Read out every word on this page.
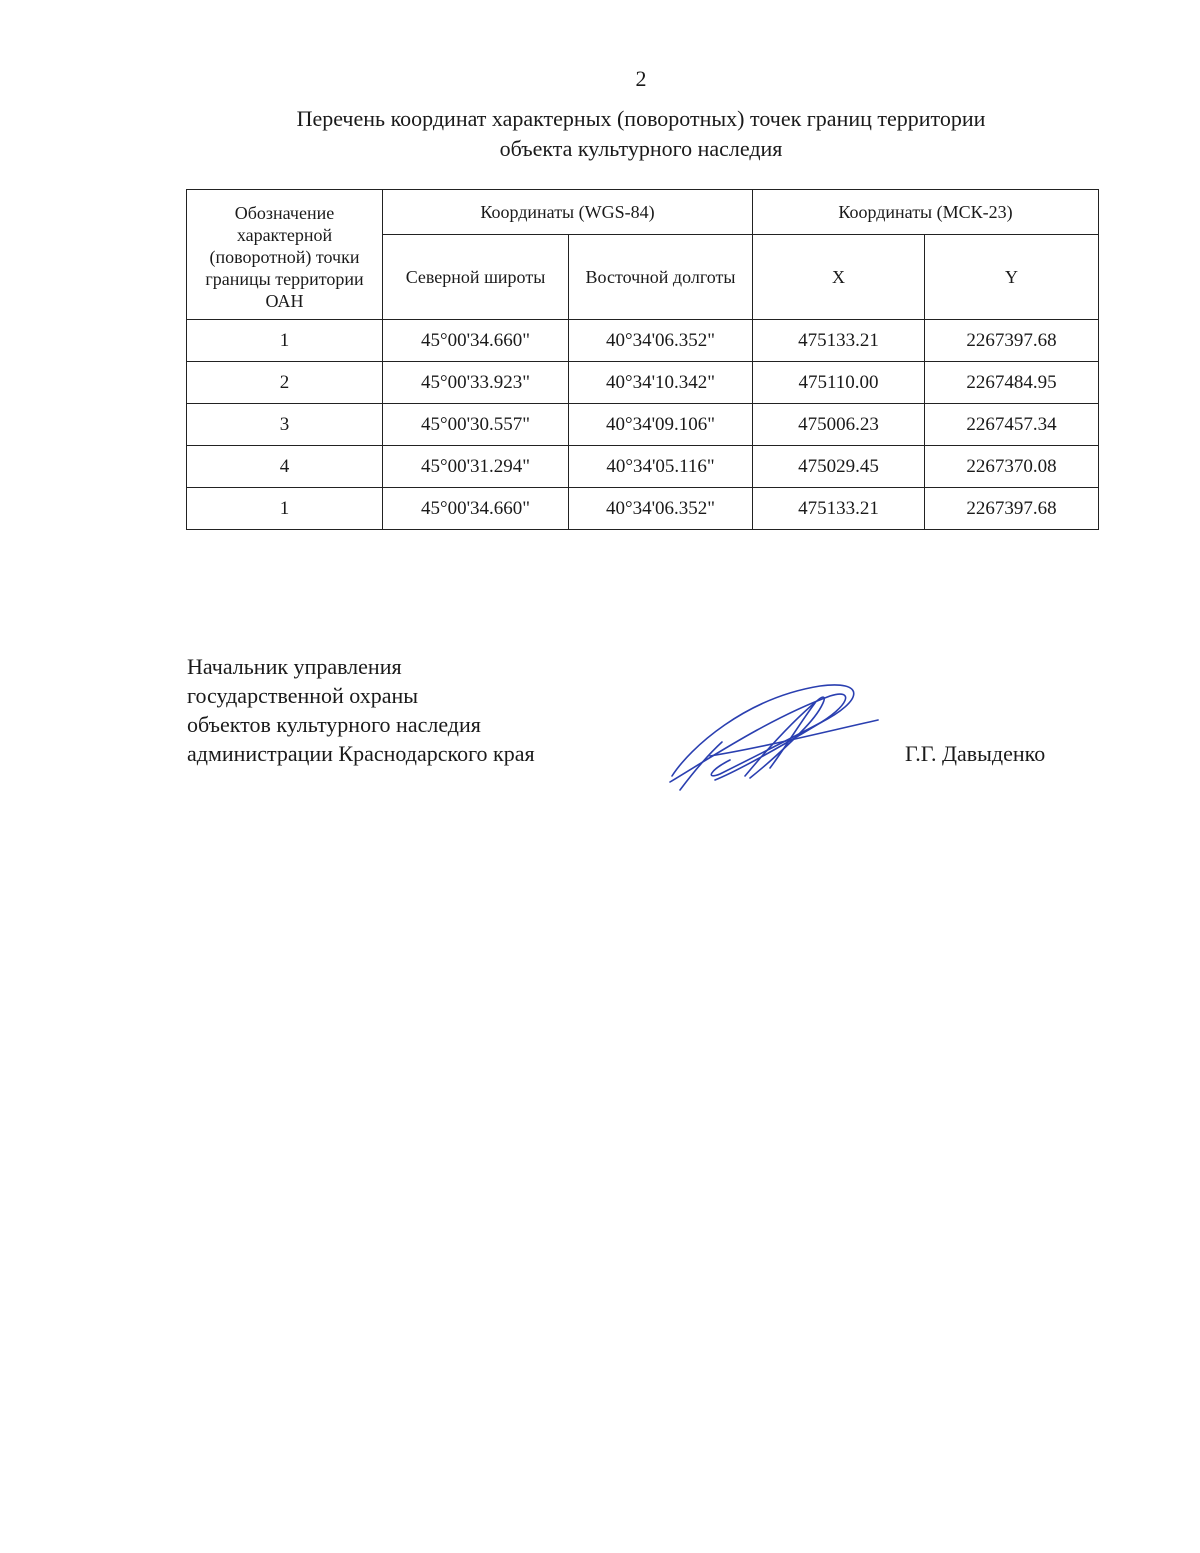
2
Перечень координат характерных (поворотных) точек границ территории
объекта культурного наследия
Обозначение характерной (поворотной) точки границы территории ОАН	Координаты (WGS-84)		Координаты (МСК-23)	
	Северной широты	Восточной долготы	X	Y
1	45°00'34.660"	40°34'06.352"	475133.21	2267397.68
2	45°00'33.923"	40°34'10.342"	475110.00	2267484.95
3	45°00'30.557"	40°34'09.106"	475006.23	2267457.34
4	45°00'31.294"	40°34'05.116"	475029.45	2267370.08
1	45°00'34.660"	40°34'06.352"	475133.21	2267397.68
Начальник управления
государственной охраны
объектов культурного наследия
администрации Краснодарского края	Г.Г. Давыденко
